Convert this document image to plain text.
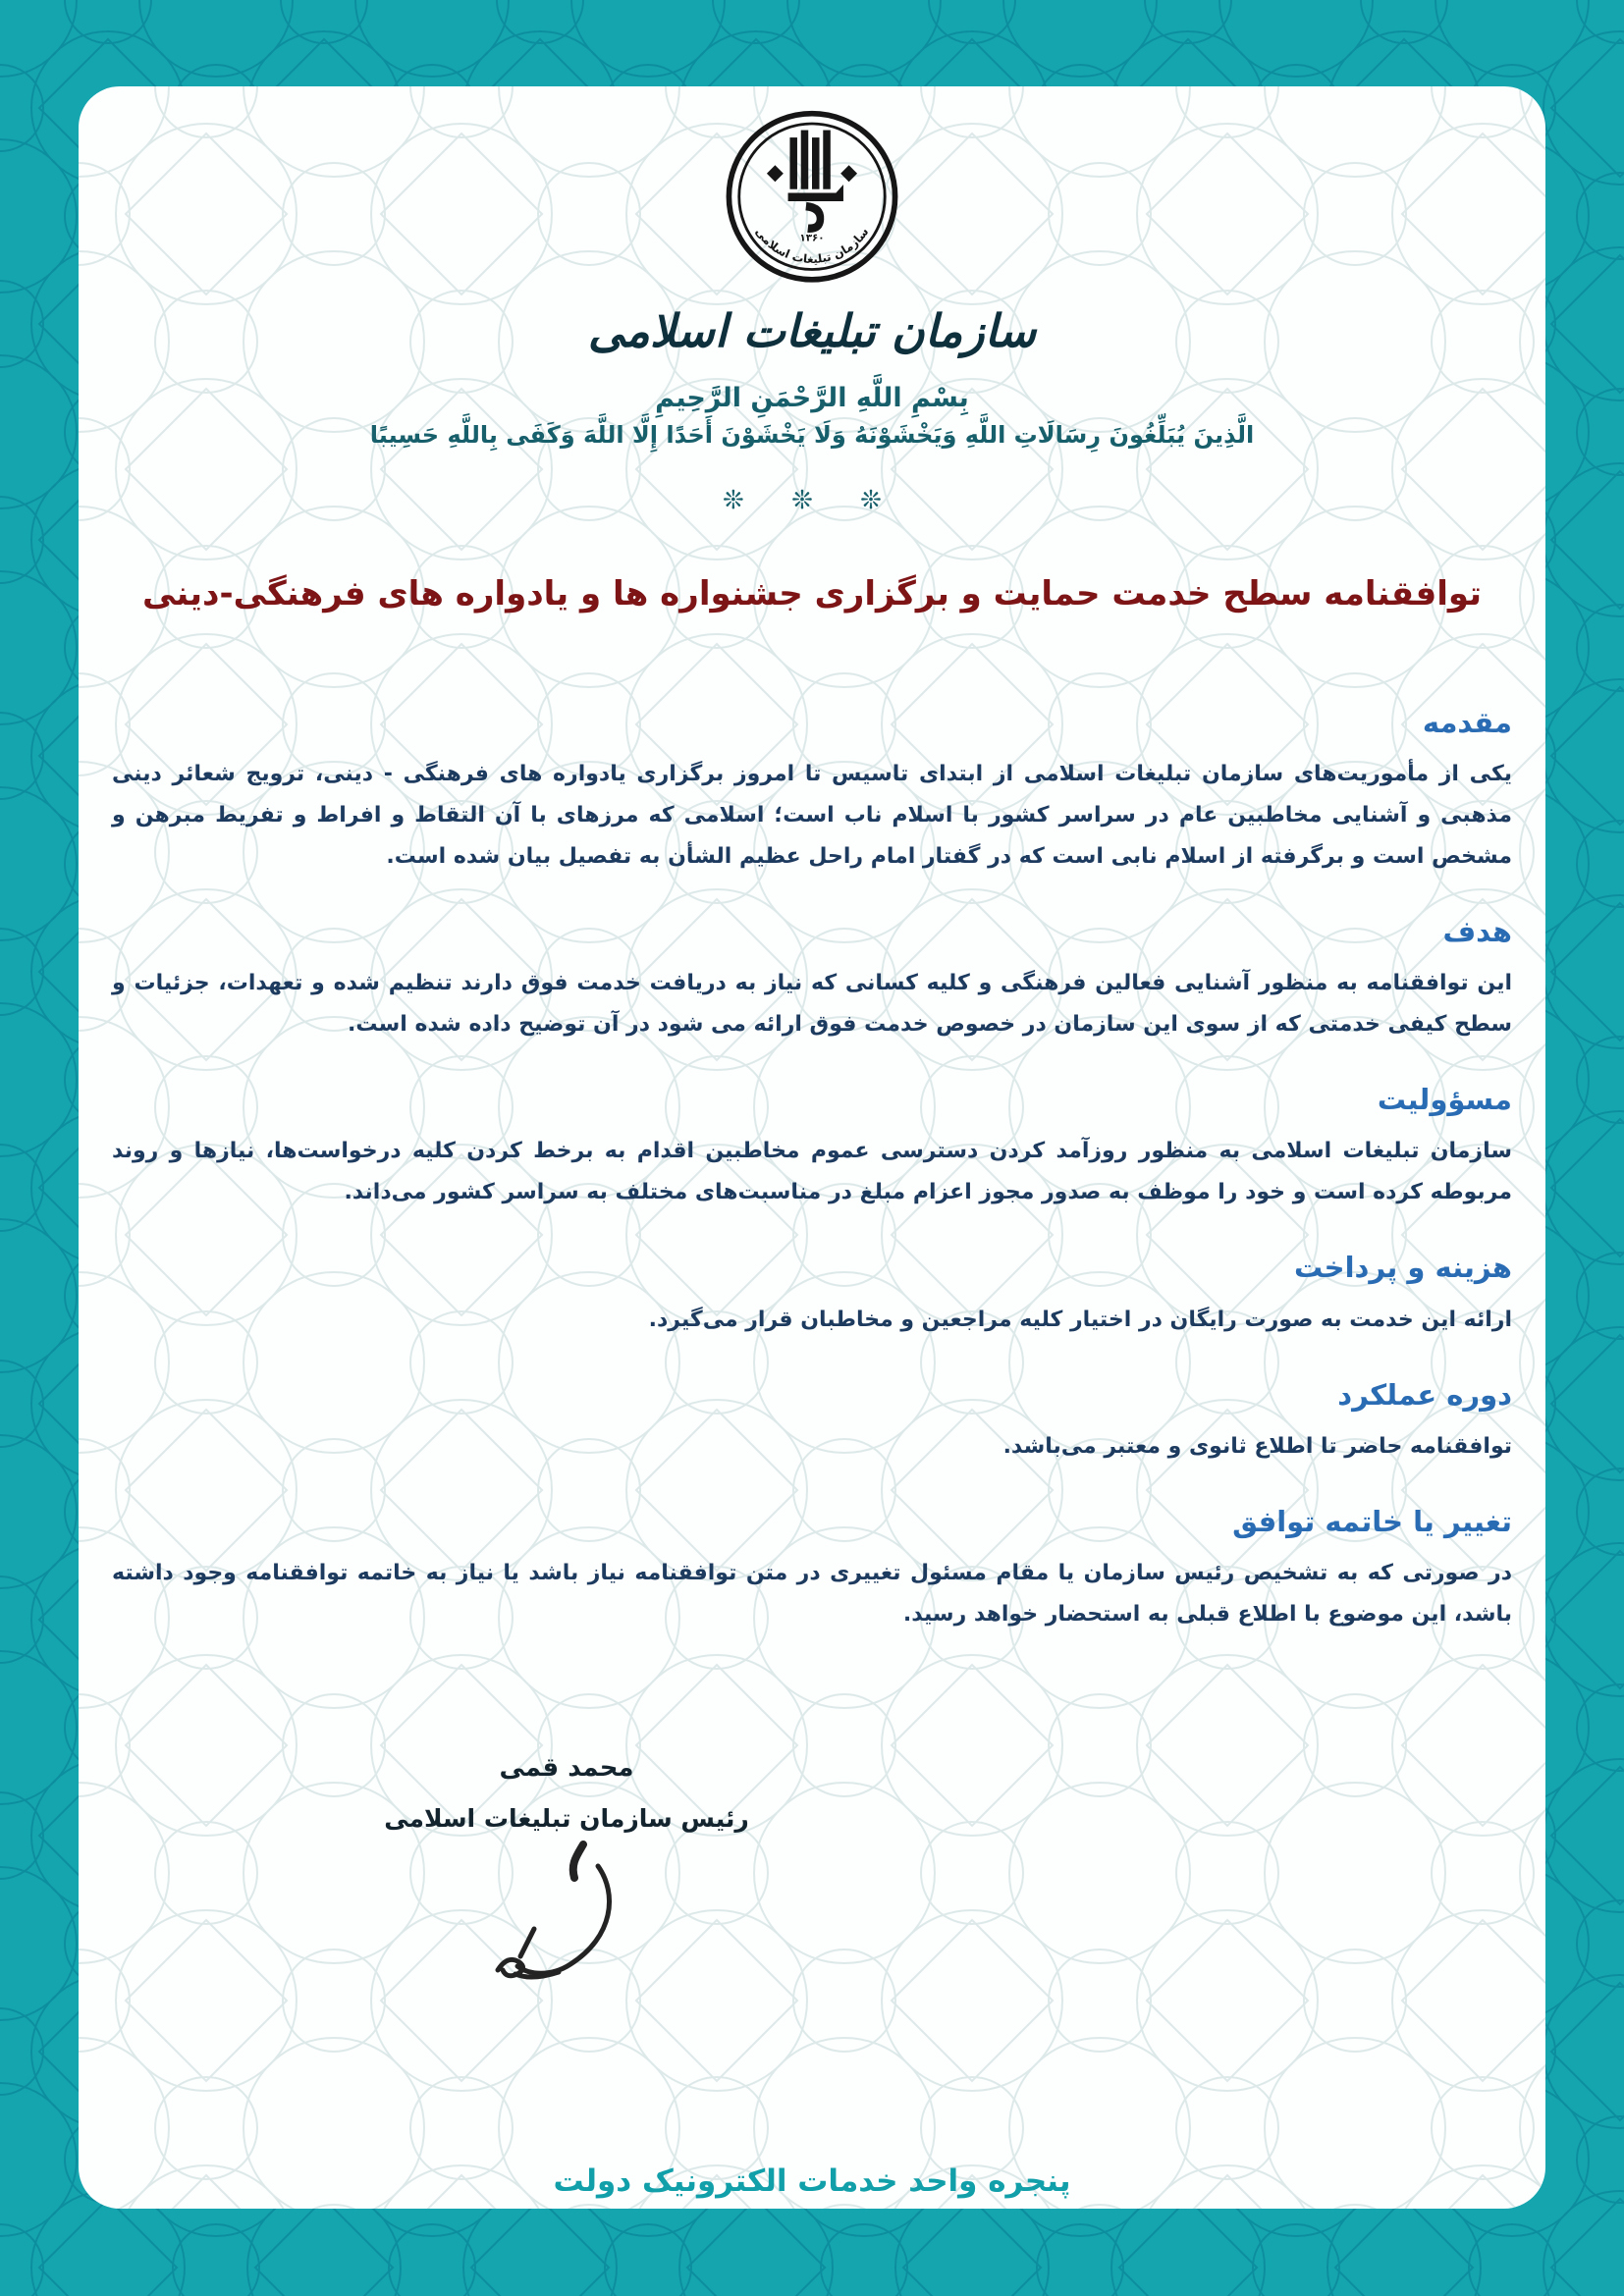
۱۳۶۰
سازمان تبلیغات اسلامی
سازمان تبلیغات اسلامی
بِسْمِ اللَّهِ الرَّحْمَنِ الرَّحِيمِ
الَّذِينَ يُبَلِّغُونَ رِسَالَاتِ اللَّهِ وَيَخْشَوْنَهُ وَلَا يَخْشَوْنَ أَحَدًا إِلَّا اللَّهَ وَكَفَى بِاللَّهِ حَسِيبًا
❊ ❊ ❊
توافقنامه سطح خدمت حمایت و برگزاری جشنواره ها و یادواره های فرهنگی-دینی
مقدمه

یکی از مأموریت‌های سازمان تبلیغات اسلامی از ابتدای تاسیس تا امروز برگزاری یادواره های فرهنگی - دینی، ترویج شعائر دینی مذهبی و آشنایی مخاطبین عام در سراسر کشور با اسلام ناب است؛ اسلامی که مرزهای با آن التقاط و افراط و تفریط مبرهن و مشخص است و برگرفته از اسلام نابی است که در گفتار امام راحل عظیم الشأن به تفصیل بیان شده است.

هدف

این توافقنامه به منظور آشنایی فعالین فرهنگی و کلیه کسانی که نیاز به دریافت خدمت فوق دارند تنظیم شده و تعهدات، جزئیات و سطح کیفی خدمتی که از سوی این سازمان در خصوص خدمت فوق ارائه می شود در آن توضیح داده شده است.

مسؤولیت

سازمان تبلیغات اسلامی به منظور روزآمد کردن دسترسی عموم مخاطبین اقدام به برخط کردن کلیه درخواست‌ها، نیازها و روند مربوطه کرده است و خود را موظف به صدور مجوز اعزام مبلغ در مناسبت‌های مختلف به سراسر کشور می‌داند.

هزینه و پرداخت

ارائه این خدمت به صورت رایگان در اختیار کلیه مراجعین و مخاطبان قرار می‌گیرد.

دوره عملکرد

توافقنامه حاضر تا اطلاع ثانوی و معتبر می‌باشد.

تغییر یا خاتمه توافق

در صورتی که به تشخیص رئیس سازمان یا مقام مسئول تغییری در متن توافقنامه نیاز باشد یا نیاز به خاتمه توافقنامه وجود داشته باشد، این موضوع با اطلاع قبلی به استحضار خواهد رسید.

محمد قمی
رئیس سازمان تبلیغات اسلامی
پنجره واحد خدمات الکترونیک دولت
